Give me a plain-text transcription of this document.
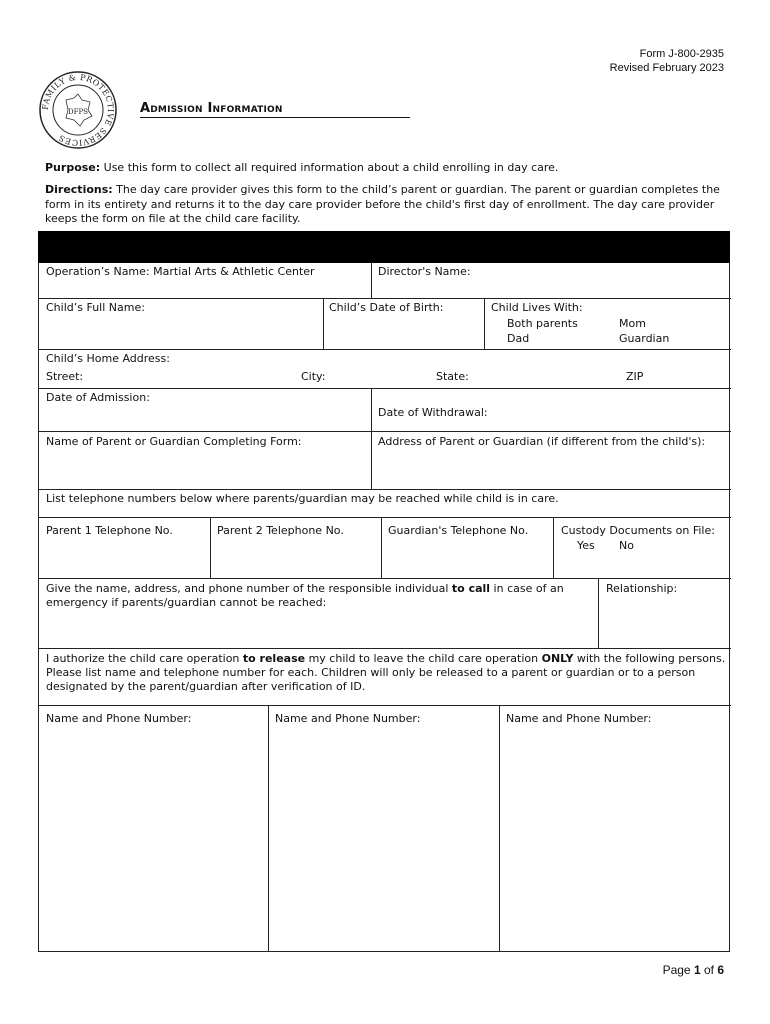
Form J-800-2935
Revised February 2023
FAMILY & PROTECTIVE SERVICES
DFPS	Admission Information
Purpose: Use this form to collect all required information about a child enrolling in day care.
Directions: The day care provider gives this form to the child’s parent or guardian. The parent or guardian completes the form in its entirety and returns it to the day care provider before the child's first day of enrollment. The day care provider keeps the form on file at the child care facility.
Operation’s Name: Martial Arts & Athletic Center	Director's Name:
Child’s Full Name:	Child’s Date of Birth:	Child Lives With:
Both parents	Mom
Dad	Guardian
Child’s Home Address:
Street:	City:	State:	ZIP
Date of Admission:
Date of Withdrawal:
Name of Parent or Guardian Completing Form:	Address of Parent or Guardian (if different from the child's):
List telephone numbers below where parents/guardian may be reached while child is in care.
Parent 1 Telephone No.	Parent 2 Telephone No.	Guardian's Telephone No.	Custody Documents on File:
Yes No
Give the name, address, and phone number of the responsible individual to call in case of an emergency if parents/guardian cannot be reached:
Relationship:
I authorize the child care operation to release my child to leave the child care operation ONLY with the following persons. Please list name and telephone number for each. Children will only be released to a parent or guardian or to a person designated by the parent/guardian after verification of ID.
Name and Phone Number:	Name and Phone Number:	Name and Phone Number:
Page 1 of 6
